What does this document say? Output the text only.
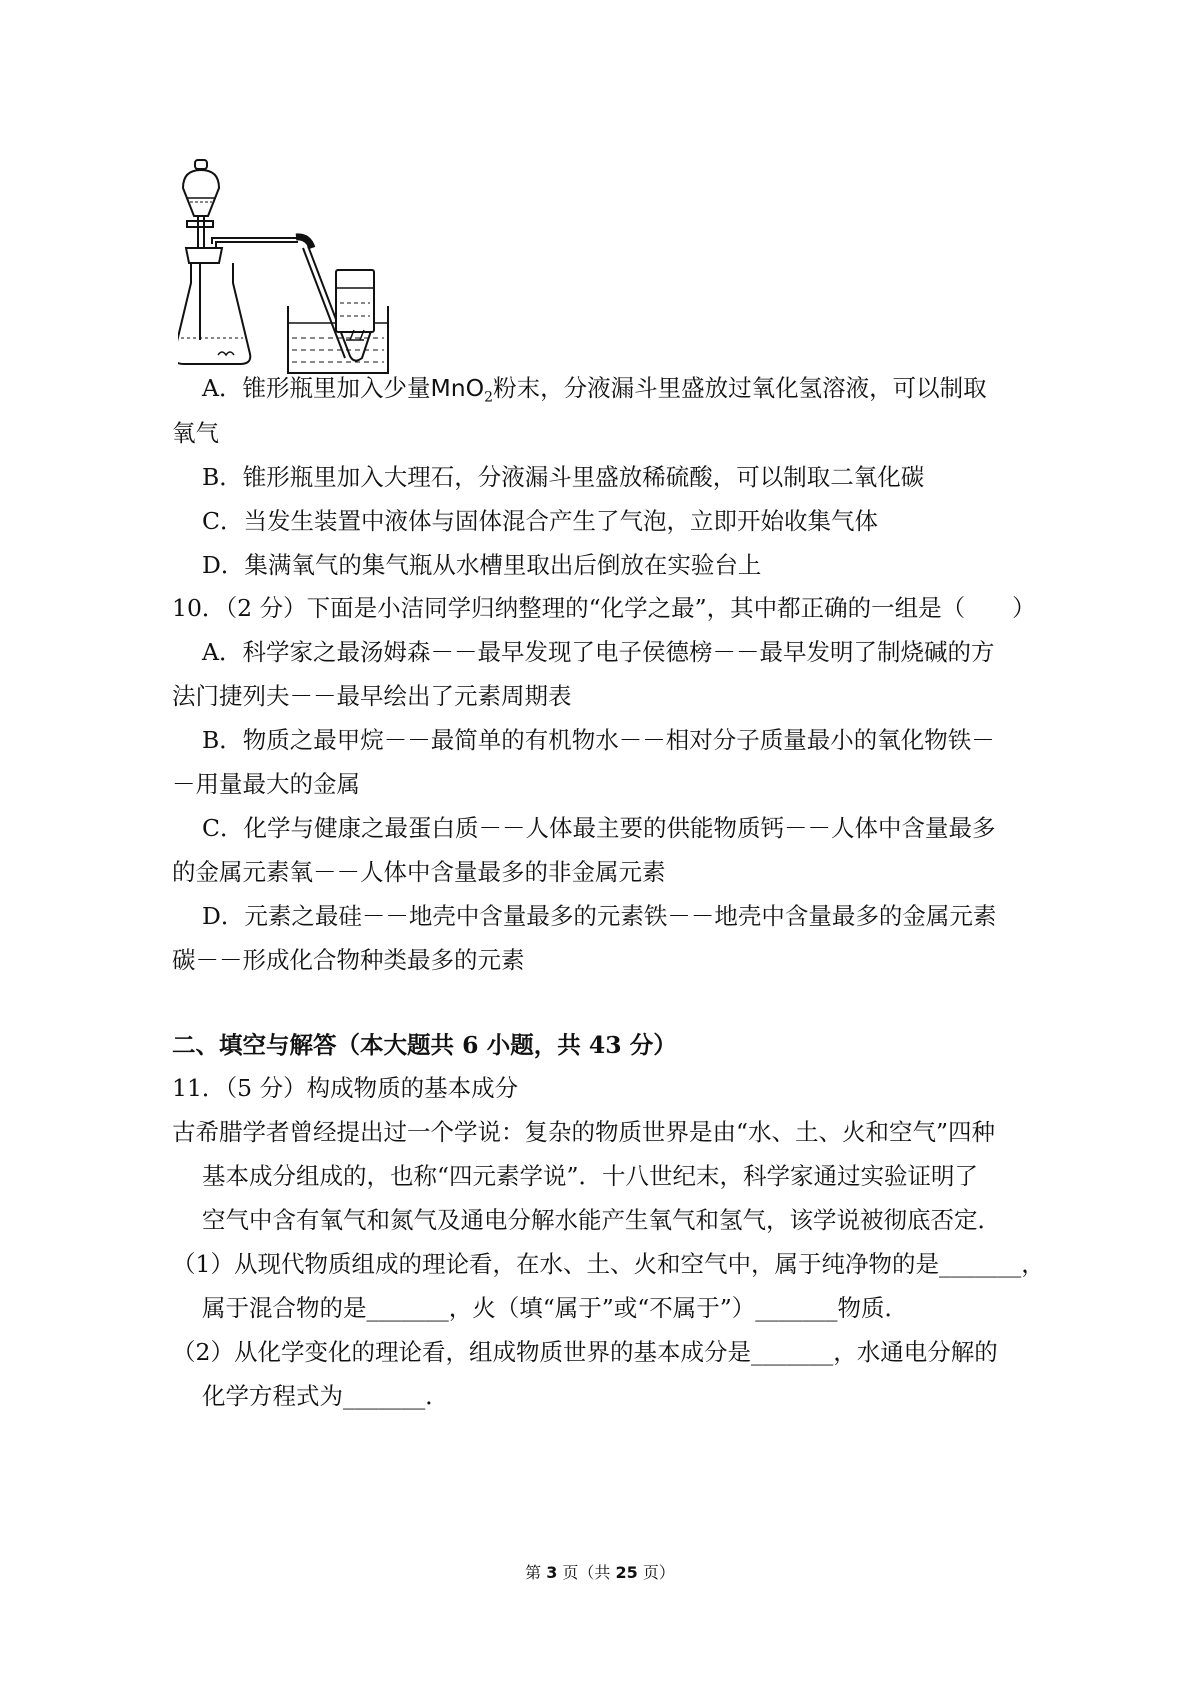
A．锥形瓶里加入少量MnO$_2$粉末，分液漏斗里盛放过氧化氢溶液，可以制取
氧气
B．锥形瓶里加入大理石，分液漏斗里盛放稀硫酸，可以制取二氧化碳
C．当发生装置中液体与固体混合产生了气泡，立即开始收集气体
D．集满氧气的集气瓶从水槽里取出后倒放在实验台上
10．（2 分）下面是小洁同学归纳整理的“化学之最”，其中都正确的一组是（　　）
A．科学家之最汤姆森－－最早发现了电子侯德榜－－最早发明了制烧碱的方
法门捷列夫－－最早绘出了元素周期表
B．物质之最甲烷－－最简单的有机物水－－相对分子质量最小的氧化物铁－
－用量最大的金属
C．化学与健康之最蛋白质－－人体最主要的供能物质钙－－人体中含量最多
的金属元素氧－－人体中含量最多的非金属元素
D．元素之最硅－－地壳中含量最多的元素铁－－地壳中含量最多的金属元素
碳－－形成化合物种类最多的元素
二、填空与解答（本大题共 6 小题，共 43 分）
11．（5 分）构成物质的基本成分
古希腊学者曾经提出过一个学说：复杂的物质世界是由“水、土、火和空气”四种
基本成分组成的，也称“四元素学说”．十八世纪末，科学家通过实验证明了
空气中含有氧气和氮气及通电分解水能产生氧气和氢气，该学说被彻底否定．
（1）从现代物质组成的理论看，在水、土、火和空气中，属于纯净物的是_______，
属于混合物的是_______，火（填“属于”或“不属于”）_______物质．
（2）从化学变化的理论看，组成物质世界的基本成分是_______，水通电分解的
化学方程式为_______．
第 3 页（共 25 页）
